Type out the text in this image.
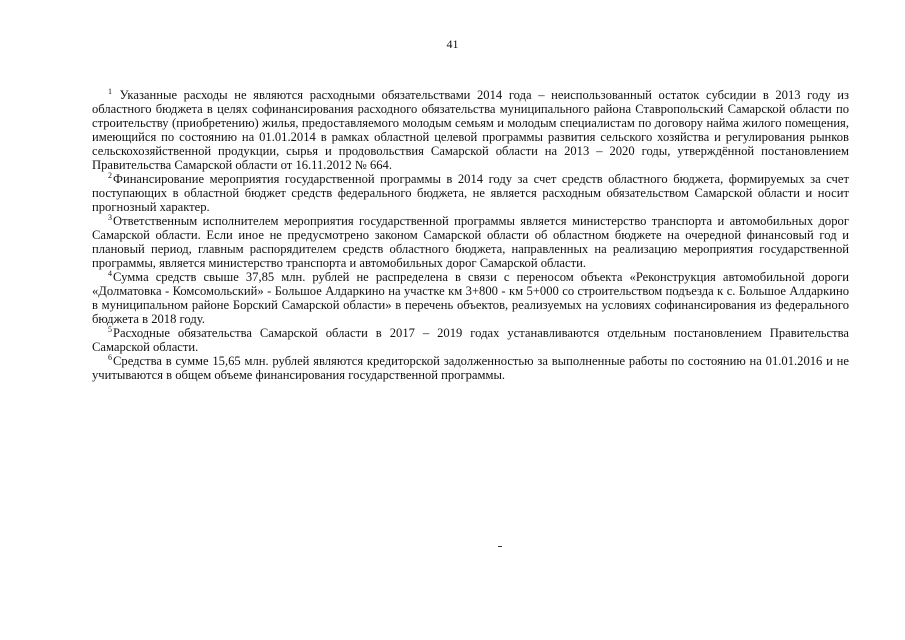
41

$^1$ Указанные расходы не являются расходными обязательствами 2014 года – неиспользованный остаток субсидии в 2013 году из областного бюджета в целях софинансирования расходного обязательства муниципального района Ставропольский Самарской области по строительству (приобретению) жилья, предоставляемого молодым семьям и молодым специалистам по договору найма жилого помещения, имеющийся по состоянию на 01.01.2014 в рамках областной целевой программы развития сельского хозяйства и регулирования рынков сельскохозяйственной продукции, сырья и продовольствия Самарской области на 2013 – 2020 годы, утверждённой постановлением Правительства Самарской области от 16.11.2012 № 664.

$^2$Финансирование мероприятия государственной программы в 2014 году за счет средств областного бюджета, формируемых за счет поступающих в областной бюджет средств федерального бюджета, не является расходным обязательством Самарской области и носит прогнозный характер.

$^3$Ответственным исполнителем мероприятия государственной программы является министерство транспорта и автомобильных дорог Самарской области. Если иное не предусмотрено законом Самарской области об областном бюджете на очередной финансовый год и плановый период, главным распорядителем средств областного бюджета, направленных на реализацию мероприятия государственной программы, является министерство транспорта и автомобильных дорог Самарской области.

$^4$Сумма средств свыше 37,85 млн. рублей не распределена в связи с переносом объекта «Реконструкция автомобильной дороги «Долматовка - Комсомольский» - Большое Алдаркино на участке км 3+800 - км 5+000 со строительством подъезда к с. Большое Алдаркино в муниципальном районе Борский Самарской области» в перечень объектов, реализуемых на условиях софинансирования из федерального бюджета в 2018 году.

$^5$Расходные обязательства Самарской области в 2017 – 2019 годах устанавливаются отдельным постановлением Правительства Самарской области.

$^6$Средства в сумме 15,65 млн. рублей являются кредиторской задолженностью за выполненные работы по состоянию на 01.01.2016 и не учитываются в общем объеме финансирования государственной программы.
